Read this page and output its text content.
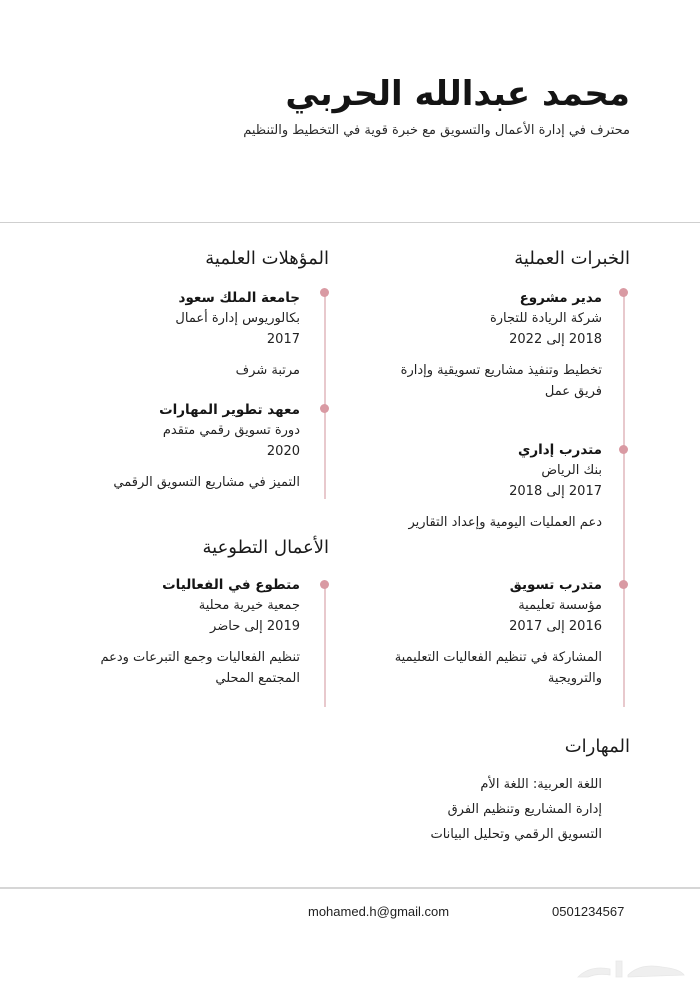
محمد عبدالله الحربي
محترف في إدارة الأعمال والتسويق مع خبرة قوية في التخطيط والتنظيم
الخبرات العملية
مدير مشروع
شركة الريادة للتجارة
2018 إلى 2022
تخطيط وتنفيذ مشاريع تسويقية وإدارة فريق عمل
متدرب إداري
بنك الرياض
2017 إلى 2018
دعم العمليات اليومية وإعداد التقارير
متدرب تسويق
مؤسسة تعليمية
2016 إلى 2017
المشاركة في تنظيم الفعاليات التعليمية والترويجية
المؤهلات العلمية
جامعة الملك سعود
بكالوريوس إدارة أعمال
2017
مرتبة شرف
معهد تطوير المهارات
دورة تسويق رقمي متقدم
2020
التميز في مشاريع التسويق الرقمي
الأعمال التطوعية
متطوع في الفعاليات
جمعية خيرية محلية
2019 إلى حاضر
تنظيم الفعاليات وجمع التبرعات ودعم المجتمع المحلي
المهارات
اللغة العربية: اللغة الأم
إدارة المشاريع وتنظيم الفرق
التسويق الرقمي وتحليل البيانات
mohamed.h@gmail.com	0501234567
